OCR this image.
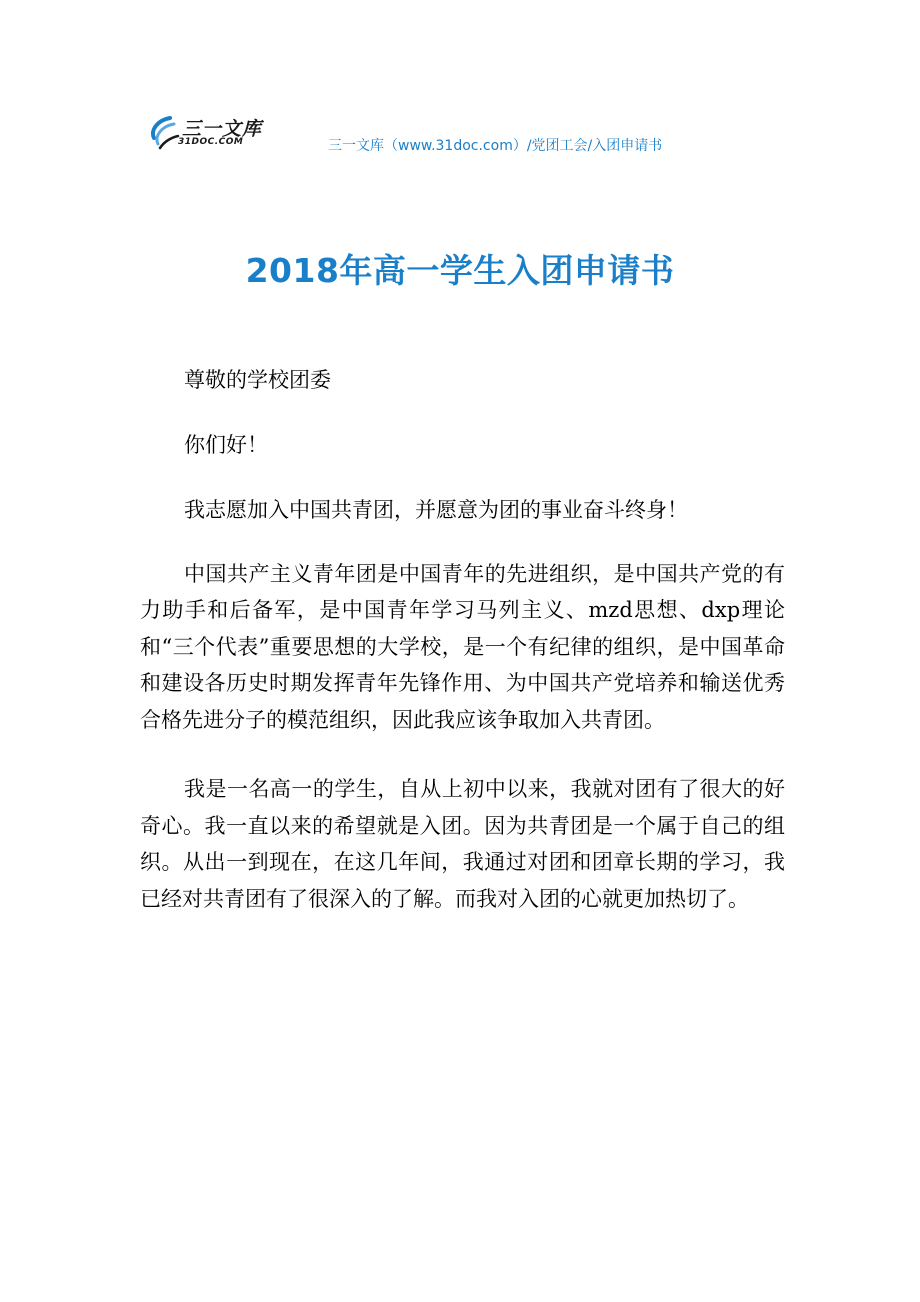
三一文库
31DOC.COM	三一文库（www.31doc.com）/党团工会/入团申请书
2018年高一学生入团申请书

尊敬的学校团委

你们好！

我志愿加入中国共青团，并愿意为团的事业奋斗终身！

中国共产主义青年团是中国青年的先进组织，是中国共产党的有力助手和后备军，是中国青年学习马列主义、mzd思想、dxp理论和“三个代表”重要思想的大学校，是一个有纪律的组织，是中国革命和建设各历史时期发挥青年先锋作用、为中国共产党培养和输送优秀合格先进分子的模范组织，因此我应该争取加入共青团。

我是一名高一的学生，自从上初中以来，我就对团有了很大的好奇心。我一直以来的希望就是入团。因为共青团是一个属于自己的组织。从出一到现在，在这几年间，我通过对团和团章长期的学习，我已经对共青团有了很深入的了解。而我对入团的心就更加热切了。
